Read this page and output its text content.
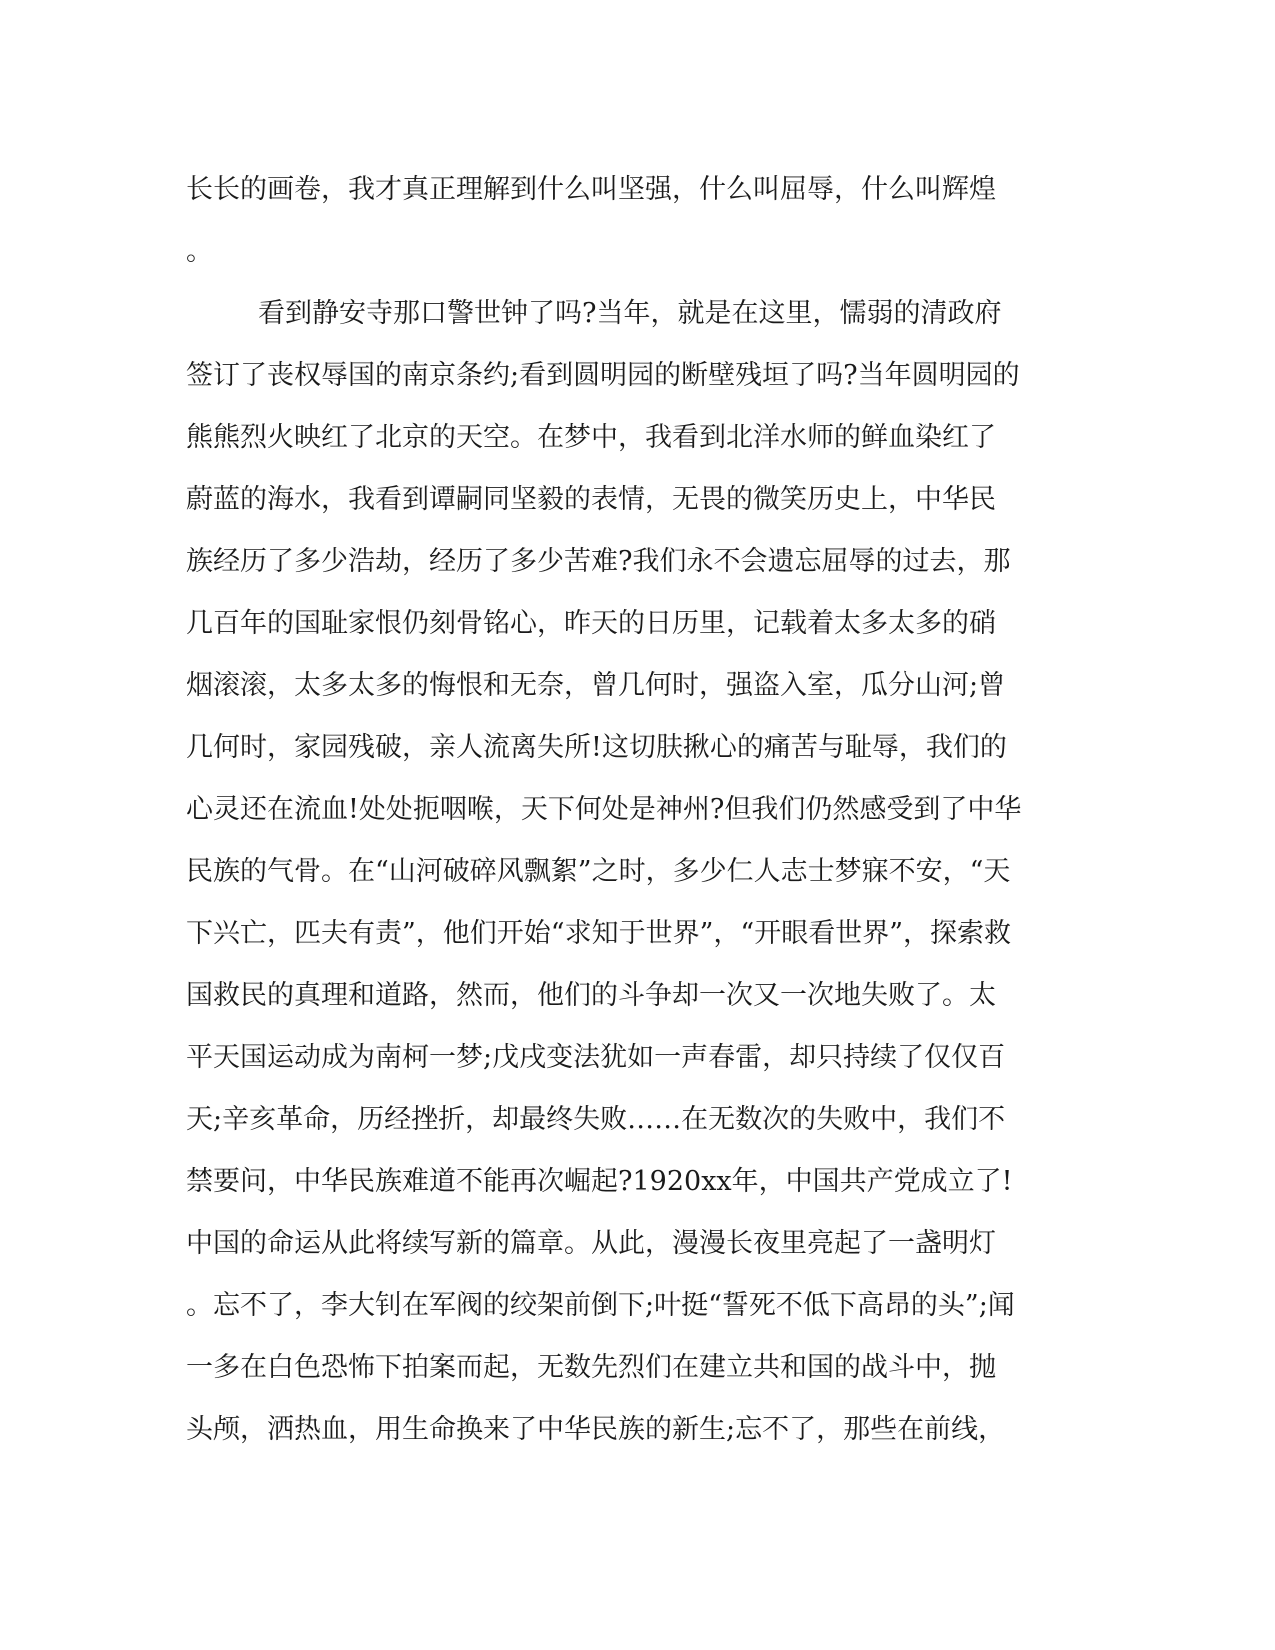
长长的画卷，我才真正理解到什么叫坚强，什么叫屈辱，什么叫辉煌
。
看到静安寺那口警世钟了吗?当年，就是在这里，懦弱的清政府
签订了丧权辱国的南京条约;看到圆明园的断壁残垣了吗?当年圆明园的
熊熊烈火映红了北京的天空。在梦中，我看到北洋水师的鲜血染红了
蔚蓝的海水，我看到谭嗣同坚毅的表情，无畏的微笑历史上，中华民
族经历了多少浩劫，经历了多少苦难?我们永不会遗忘屈辱的过去，那
几百年的国耻家恨仍刻骨铭心，昨天的日历里，记载着太多太多的硝
烟滚滚，太多太多的悔恨和无奈，曾几何时，强盗入室，瓜分山河;曾
几何时，家园残破，亲人流离失所!这切肤揪心的痛苦与耻辱，我们的
心灵还在流血!处处扼咽喉，天下何处是神州?但我们仍然感受到了中华
民族的气骨。在“山河破碎风飘絮”之时，多少仁人志士梦寐不安，“天
下兴亡，匹夫有责”，他们开始“求知于世界”，“开眼看世界”，探索救
国救民的真理和道路，然而，他们的斗争却一次又一次地失败了。太
平天国运动成为南柯一梦;戊戌变法犹如一声春雷，却只持续了仅仅百
天;辛亥革命，历经挫折，却最终失败……在无数次的失败中，我们不
禁要问，中华民族难道不能再次崛起?1920xx年，中国共产党成立了!
中国的命运从此将续写新的篇章。从此，漫漫长夜里亮起了一盏明灯
。忘不了，李大钊在军阀的绞架前倒下;叶挺“誓死不低下高昂的头”;闻
一多在白色恐怖下拍案而起，无数先烈们在建立共和国的战斗中，抛
头颅，洒热血，用生命换来了中华民族的新生;忘不了，那些在前线，
